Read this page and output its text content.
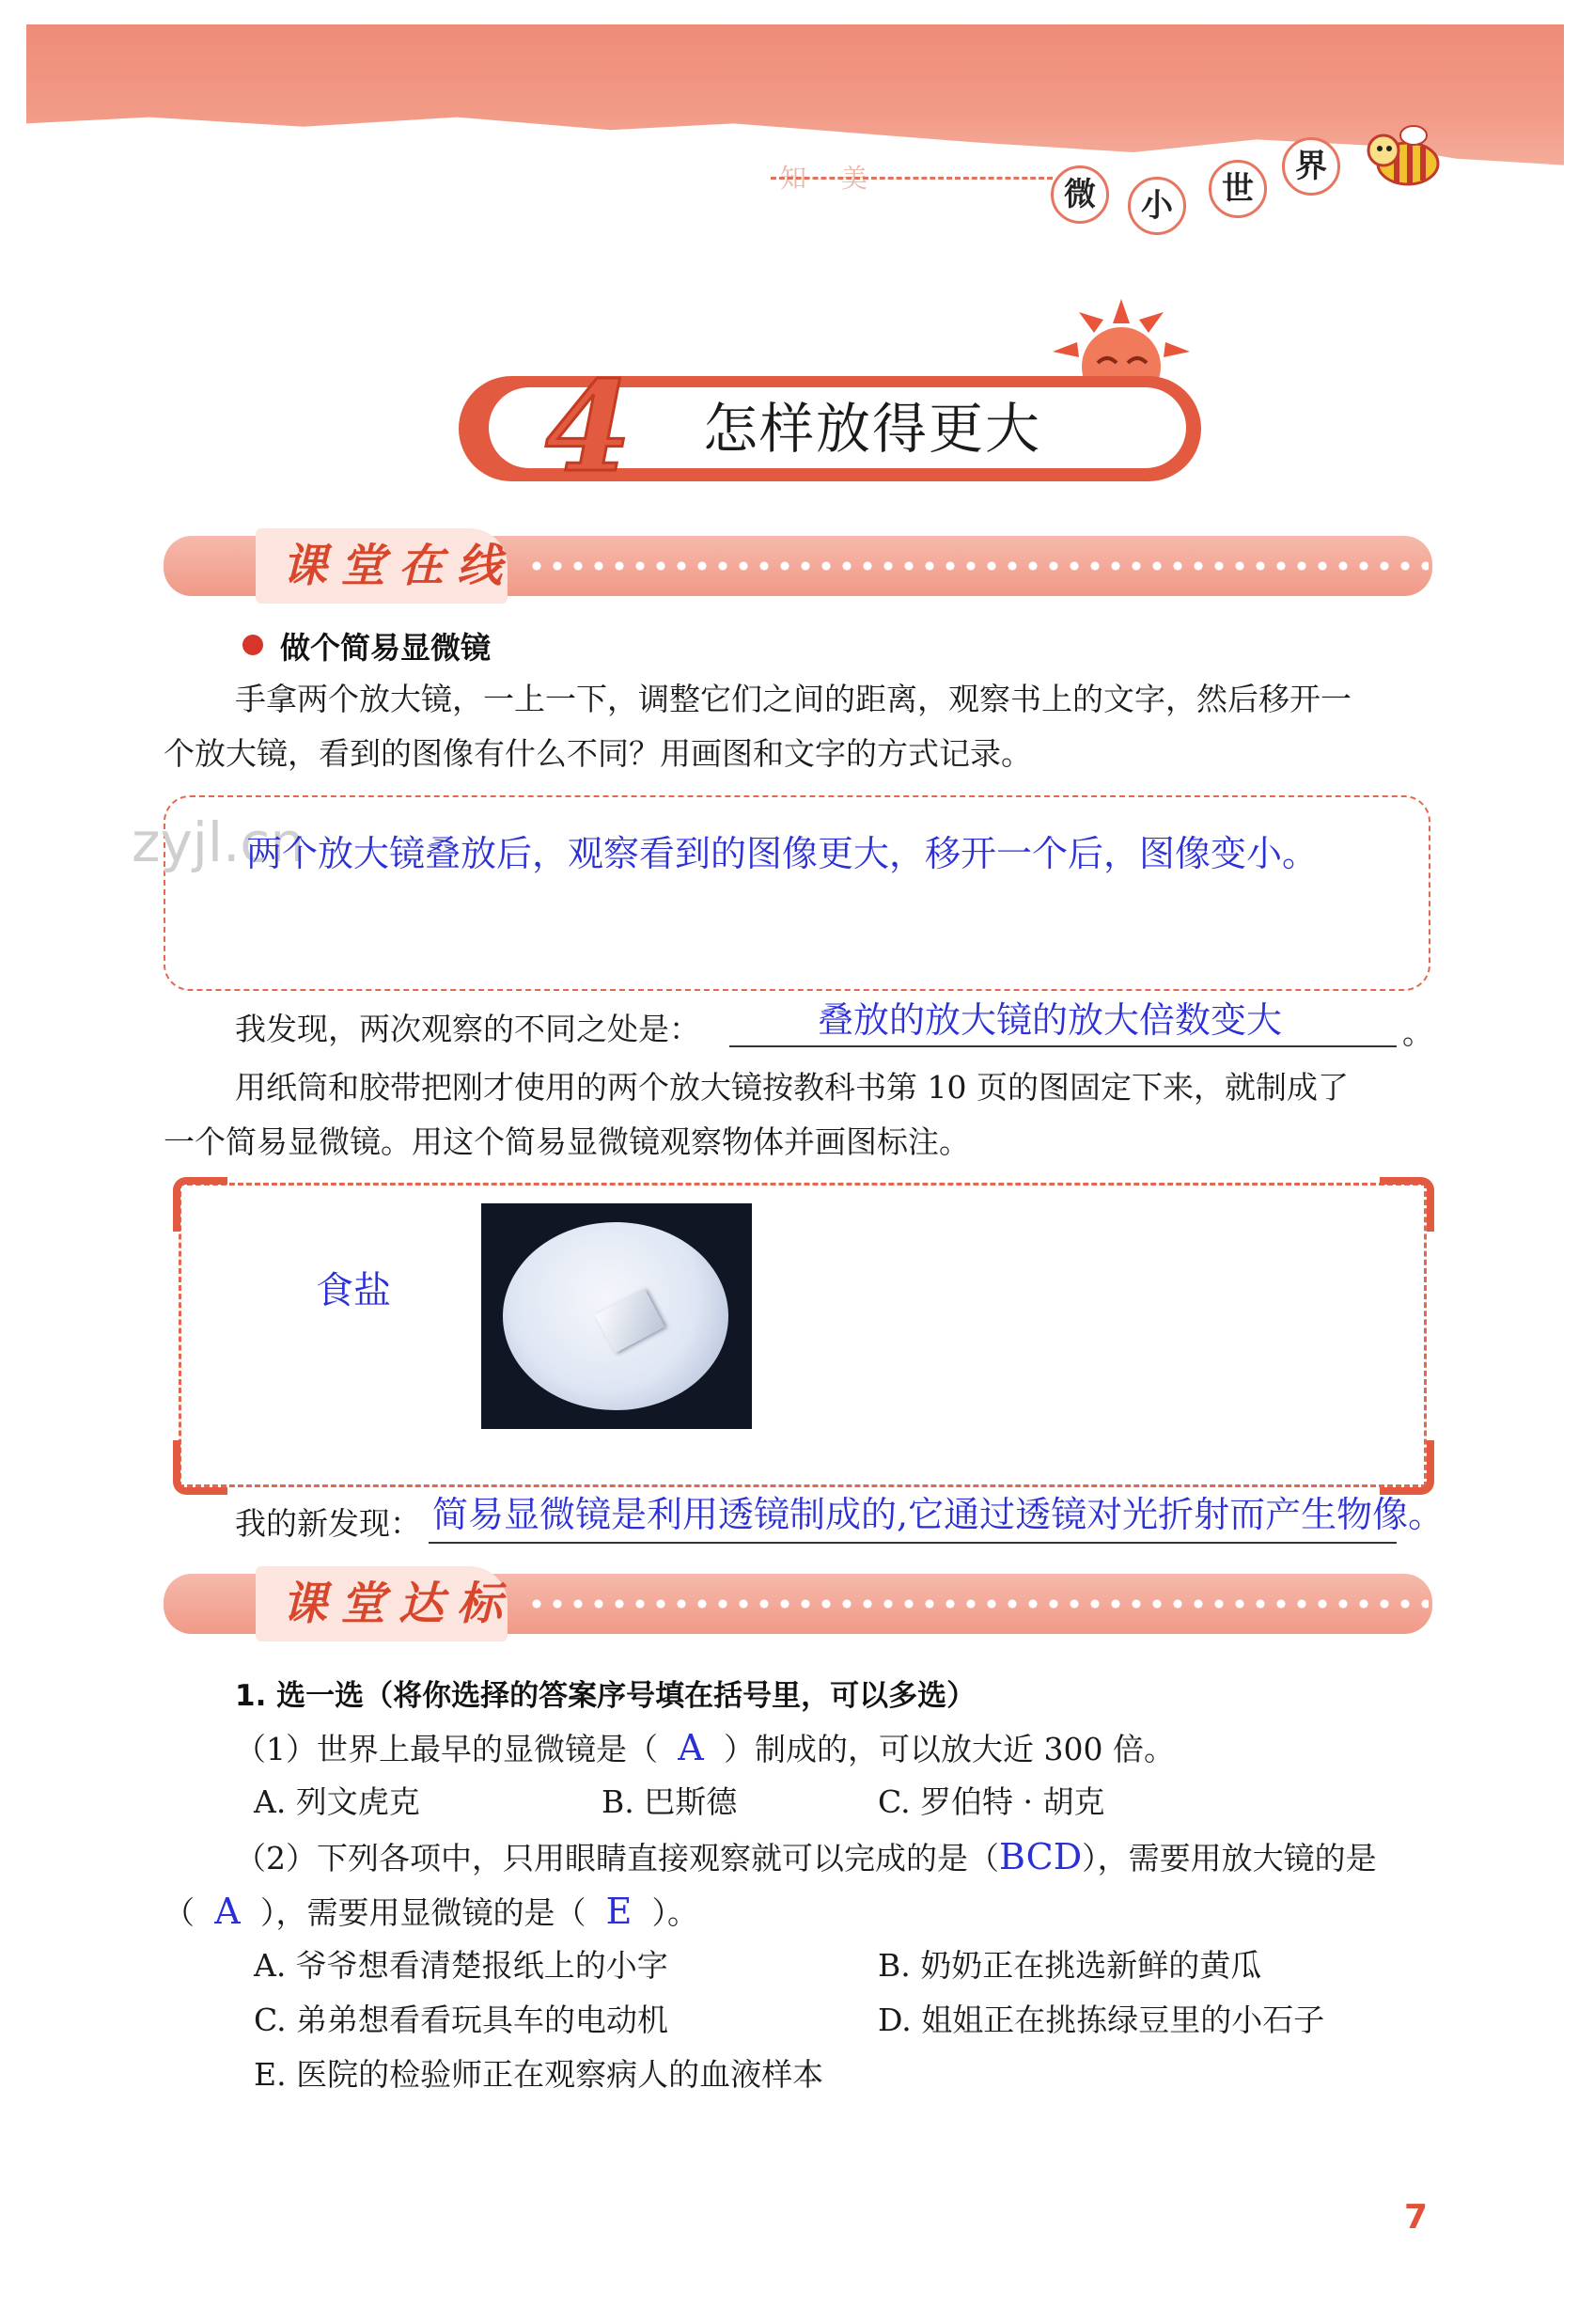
知 美	微	小	世
界
4 怎样放得更大
课堂在线
做个简易显微镜
手拿两个放大镜，一上一下，调整它们之间的距离，观察书上的文字，然后移开一
个放大镜，看到的图像有什么不同？用画图和文字的方式记录。
zyjl.cn
两个放大镜叠放后，观察看到的图像更大，移开一个后，图像变小。
我发现，两次观察的不同之处是：	叠放的放大镜的放大倍数变大	。
用纸筒和胶带把刚才使用的两个放大镜按教科书第 10 页的图固定下来，就制成了
一个简易显微镜。用这个简易显微镜观察物体并画图标注。
食盐
我的新发现： 简易显微镜是利用透镜制成的,它通过透镜对光折射而产生物像。
课堂达标
1. 选一选（将你选择的答案序号填在括号里，可以多选）
（1）世界上最早的显微镜是（ A ）制成的，可以放大近 300 倍。
A. 列文虎克	B. 巴斯德	C. 罗伯特 · 胡克
（2）下列各项中，只用眼睛直接观察就可以完成的是（BCD），需要用放大镜的是
（ A ），需要用显微镜的是（ E ）。
A. 爷爷想看清楚报纸上的小字	B. 奶奶正在挑选新鲜的黄瓜
C. 弟弟想看看玩具车的电动机	D. 姐姐正在挑拣绿豆里的小石子
E. 医院的检验师正在观察病人的血液样本
7
